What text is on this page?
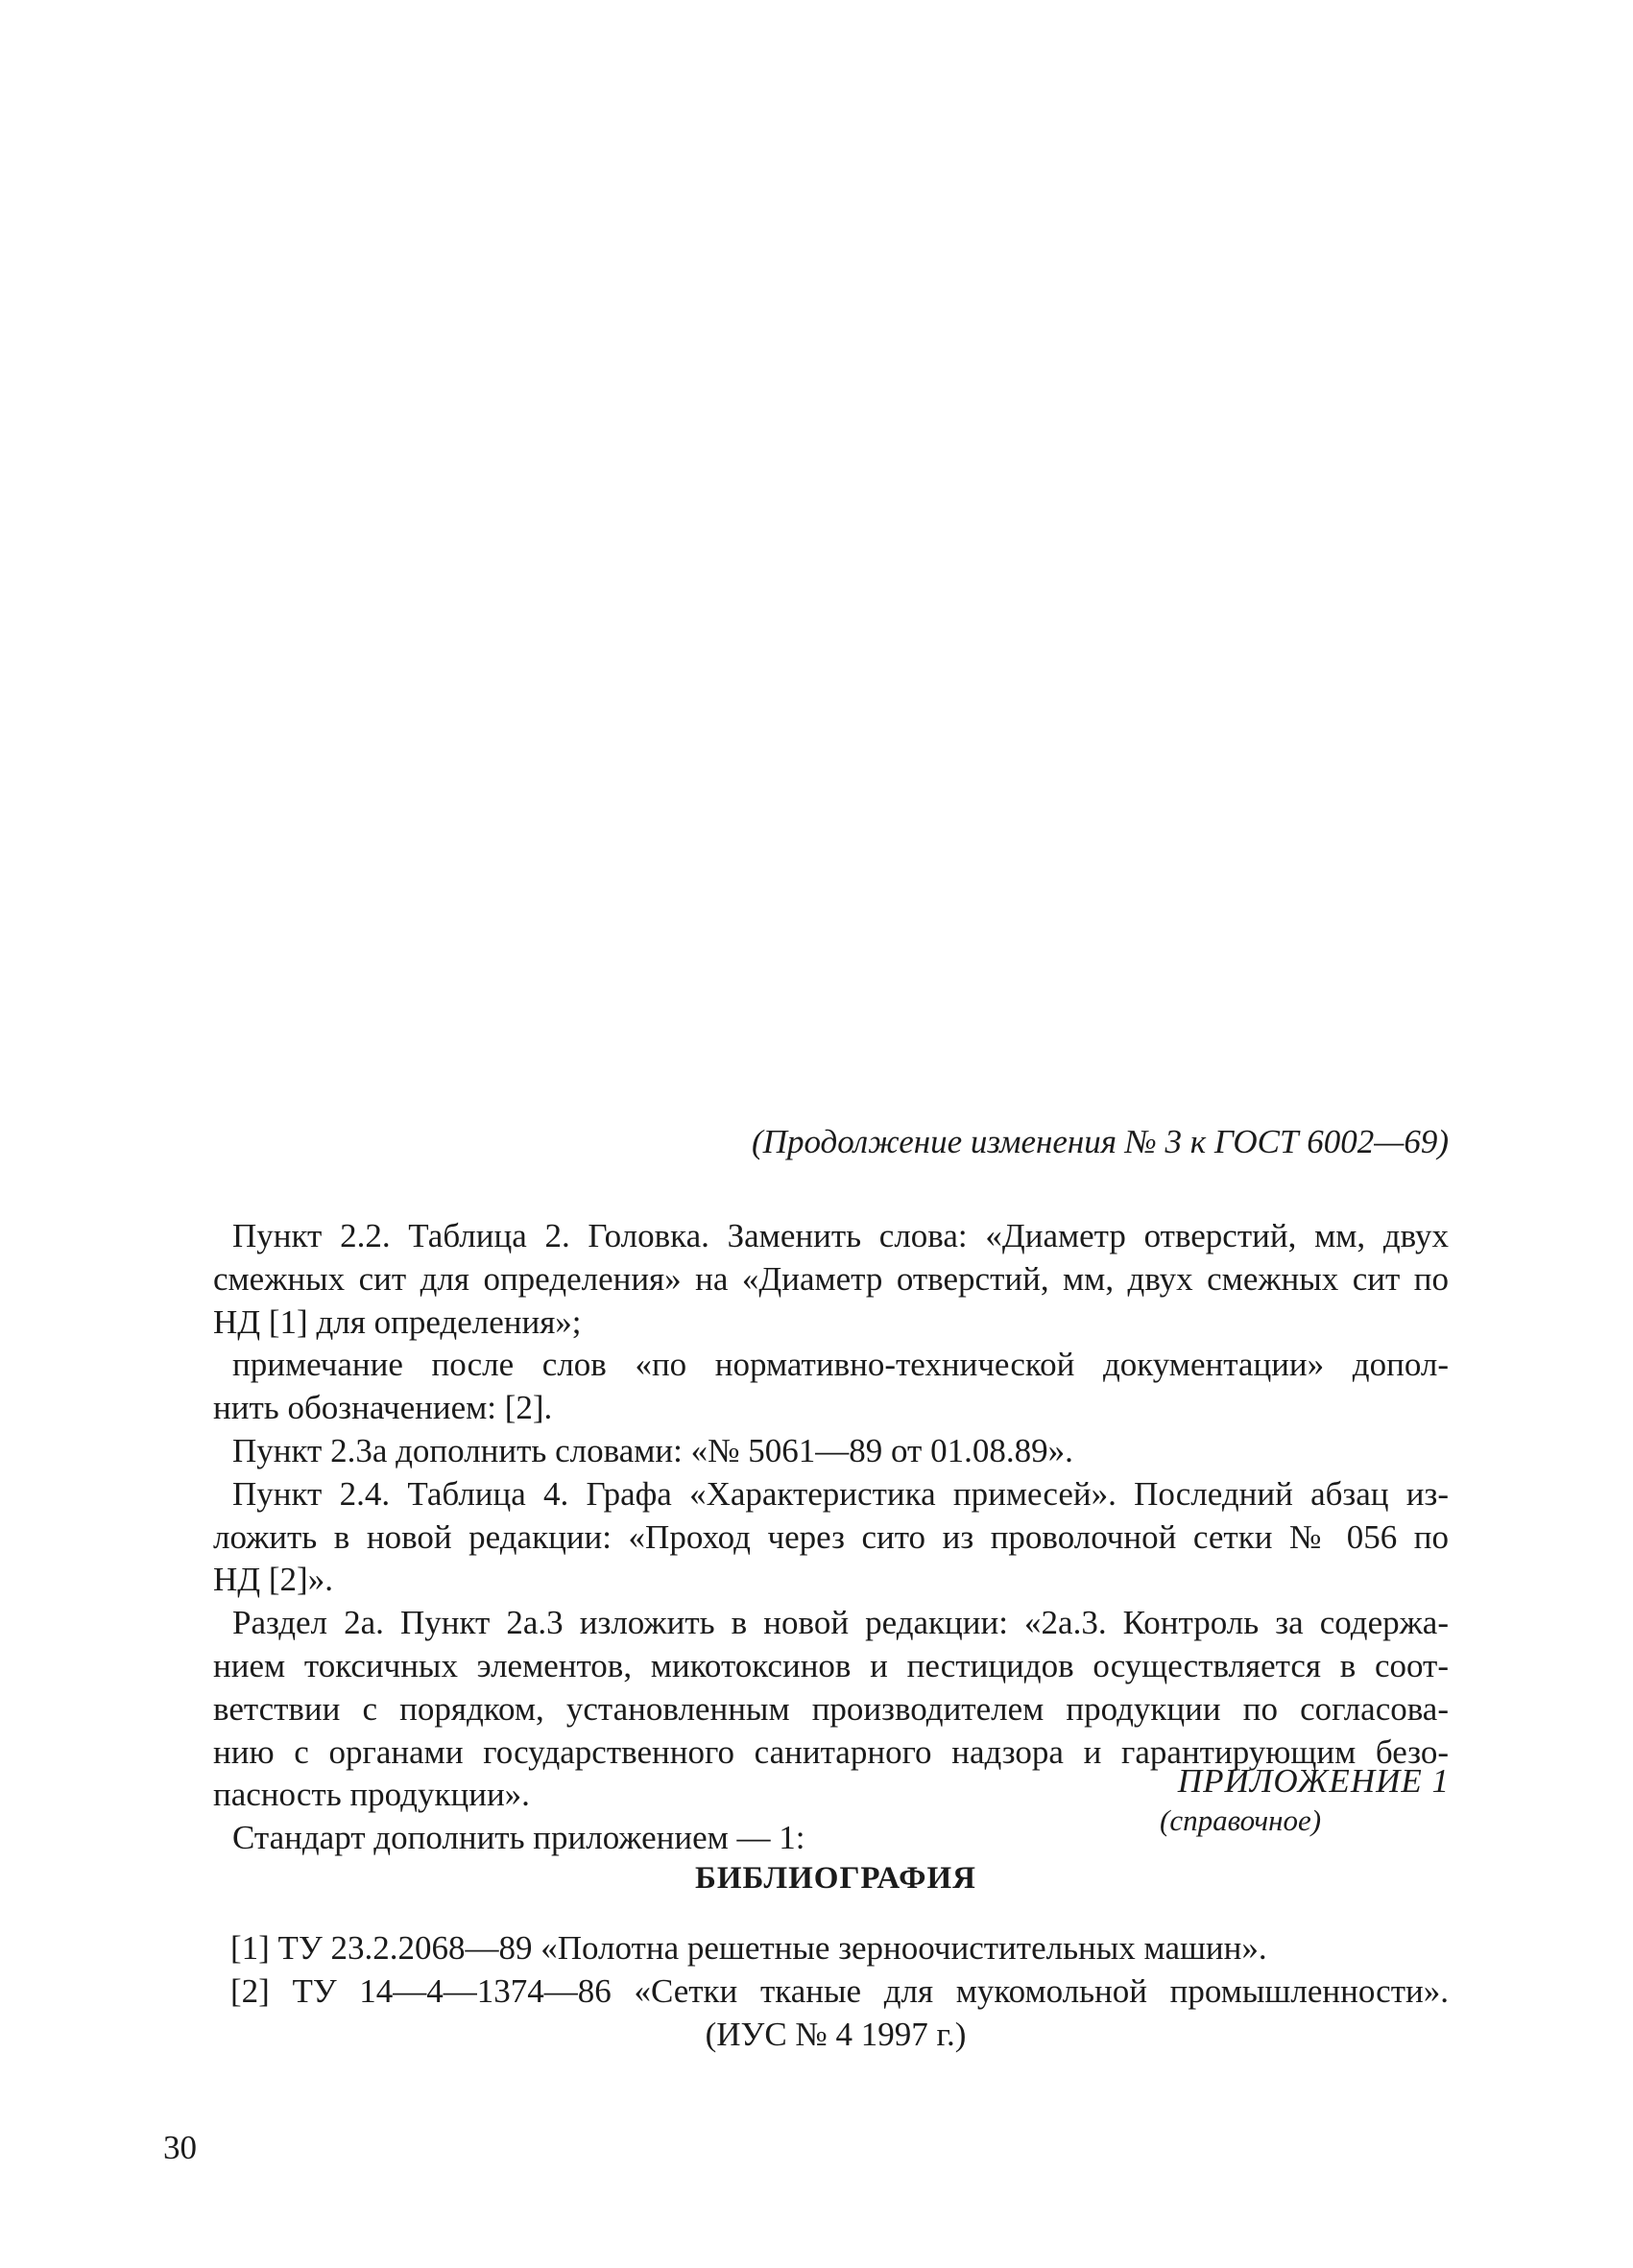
(Продолжение изменения № 3 к ГОСТ 6002—69)

Пункт 2.2. Таблица 2. Головка. Заменить слова: «Диаметр отверстий, мм, двух
смежных сит для определения» на «Диаметр отверстий, мм, двух смежных сит по
НД [1] для определения»;
примечание после слов «по нормативно-технической документации» допол-
нить обозначением: [2].
Пункт 2.3а дополнить словами: «№ 5061—89 от 01.08.89».
Пункт 2.4. Таблица 4. Графа «Характеристика примесей». Последний абзац из-
ложить в новой редакции: «Проход через сито из проволочной сетки № 056 по
НД [2]».
Раздел 2а. Пункт 2а.3 изложить в новой редакции: «2а.3. Контроль за содержа-
нием токсичных элементов, микотоксинов и пестицидов осуществляется в соот-
ветствии с порядком, установленным производителем продукции по согласова-
нию с органами государственного санитарного надзора и гарантирующим безо-
пасность продукции».
Стандарт дополнить приложением — 1:
ПРИЛОЖЕНИЕ 1
(справочное)
БИБЛИОГРАФИЯ
[1] ТУ 23.2.2068—89 «Полотна решетные зерноочистительных машин».
[2] ТУ 14—4—1374—86 «Сетки тканые для мукомольной промышленности».

(ИУС № 4 1997 г.)

30
